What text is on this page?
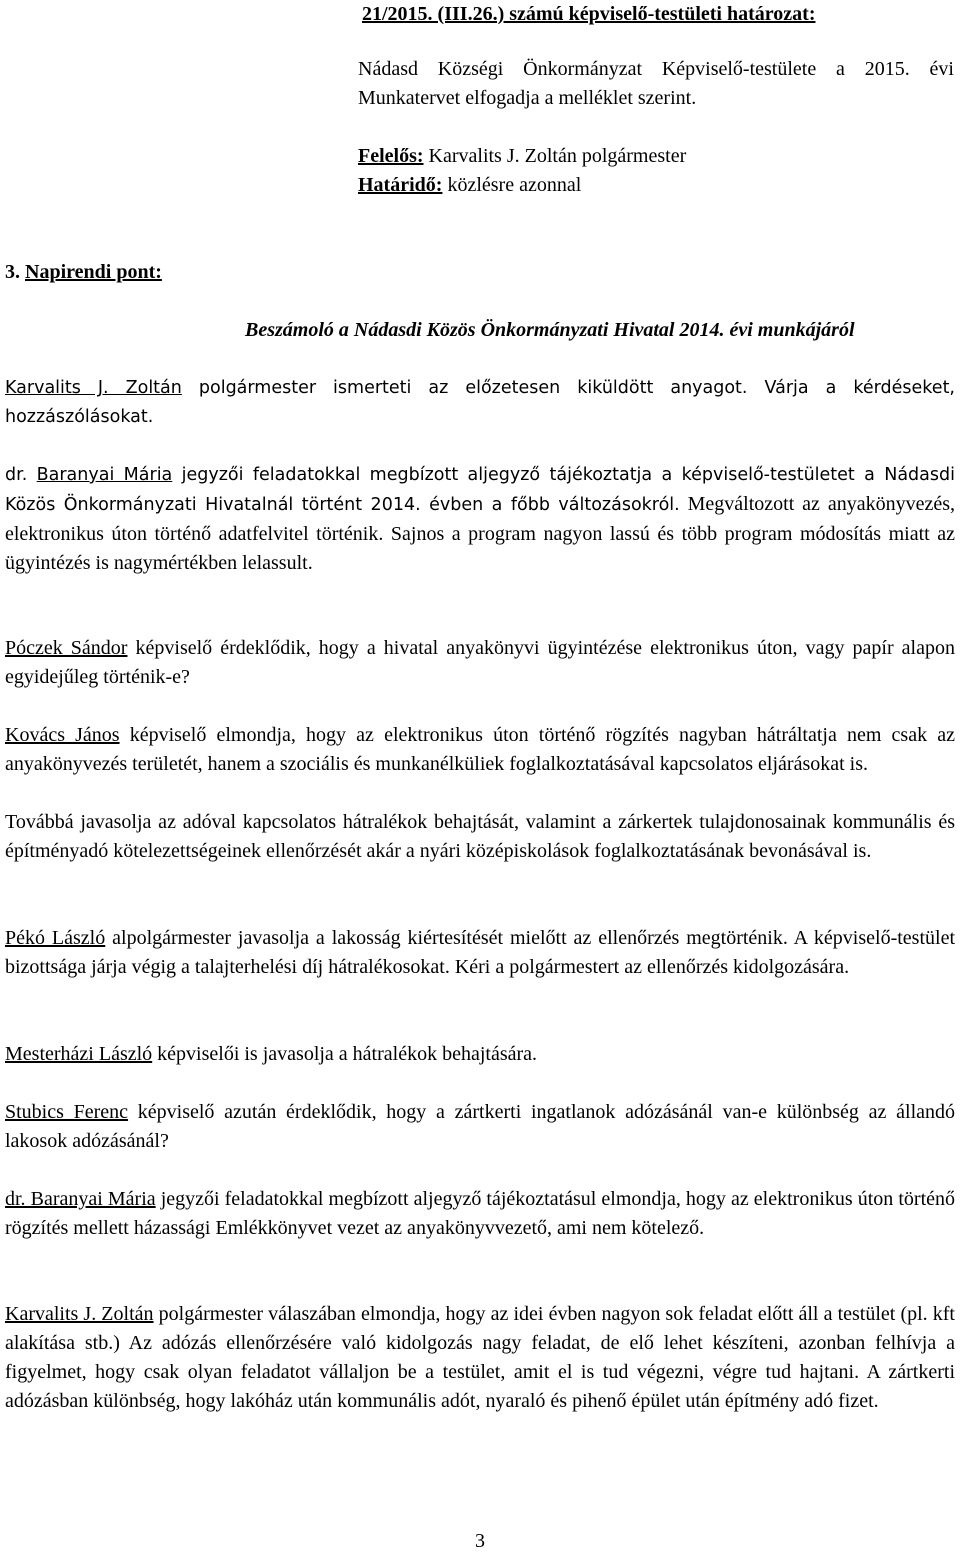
21/2015. (III.26.) számú képviselő-testületi határozat:

Nádasd Községi Önkormányzat Képviselő-testülete a 2015. évi Munkatervet elfogadja a melléklet szerint.

Felelős: Karvalits J. Zoltán polgármester

Határidő: közlésre azonnal

3. Napirendi pont:

Beszámoló a Nádasdi Közös Önkormányzati Hivatal 2014. évi munkájáról

Karvalits J. Zoltán polgármester ismerteti az előzetesen kiküldött anyagot. Várja a kérdéseket, hozzászólásokat.

dr. Baranyai Mária jegyzői feladatokkal megbízott aljegyző tájékoztatja a képviselő-testületet a Nádasdi Közös Önkormányzati Hivatalnál történt 2014. évben a főbb változásokról. Megváltozott az anyakönyvezés, elektronikus úton történő adatfelvitel történik. Sajnos a program nagyon lassú és több program módosítás miatt az ügyintézés is nagymértékben lelassult.

Póczek Sándor képviselő érdeklődik, hogy a hivatal anyakönyvi ügyintézése elektronikus úton, vagy papír alapon egyidejűleg történik-e?

Kovács János képviselő elmondja, hogy az elektronikus úton történő rögzítés nagyban hátráltatja nem csak az anyakönyvezés területét, hanem a szociális és munkanélküliek foglalkoztatásával kapcsolatos eljárásokat is.

Továbbá javasolja az adóval kapcsolatos hátralékok behajtását, valamint a zárkertek tulajdonosainak kommunális és építményadó kötelezettségeinek ellenőrzését akár a nyári középiskolások foglalkoztatásának bevonásával is.

Pékó László alpolgármester javasolja a lakosság kiértesítését mielőtt az ellenőrzés megtörténik. A képviselő-testület bizottsága járja végig a talajterhelési díj hátralékosokat. Kéri a polgármestert az ellenőrzés kidolgozására.

Mesterházi László képviselői is javasolja a hátralékok behajtására.

Stubics Ferenc képviselő azután érdeklődik, hogy a zártkerti ingatlanok adózásánál van-e különbség az állandó lakosok adózásánál?

dr. Baranyai Mária jegyzői feladatokkal megbízott aljegyző tájékoztatásul elmondja, hogy az elektronikus úton történő rögzítés mellett házassági Emlékkönyvet vezet az anyakönyvvezető, ami nem kötelező.

Karvalits J. Zoltán polgármester válaszában elmondja, hogy az idei évben nagyon sok feladat előtt áll a testület (pl. kft alakítása stb.) Az adózás ellenőrzésére való kidolgozás nagy feladat, de elő lehet készíteni, azonban felhívja a figyelmet, hogy csak olyan feladatot vállaljon be a testület, amit el is tud végezni, végre tud hajtani. A zártkerti adózásban különbség, hogy lakóház után kommunális adót, nyaraló és pihenő épület után építmény adó fizet.

3
